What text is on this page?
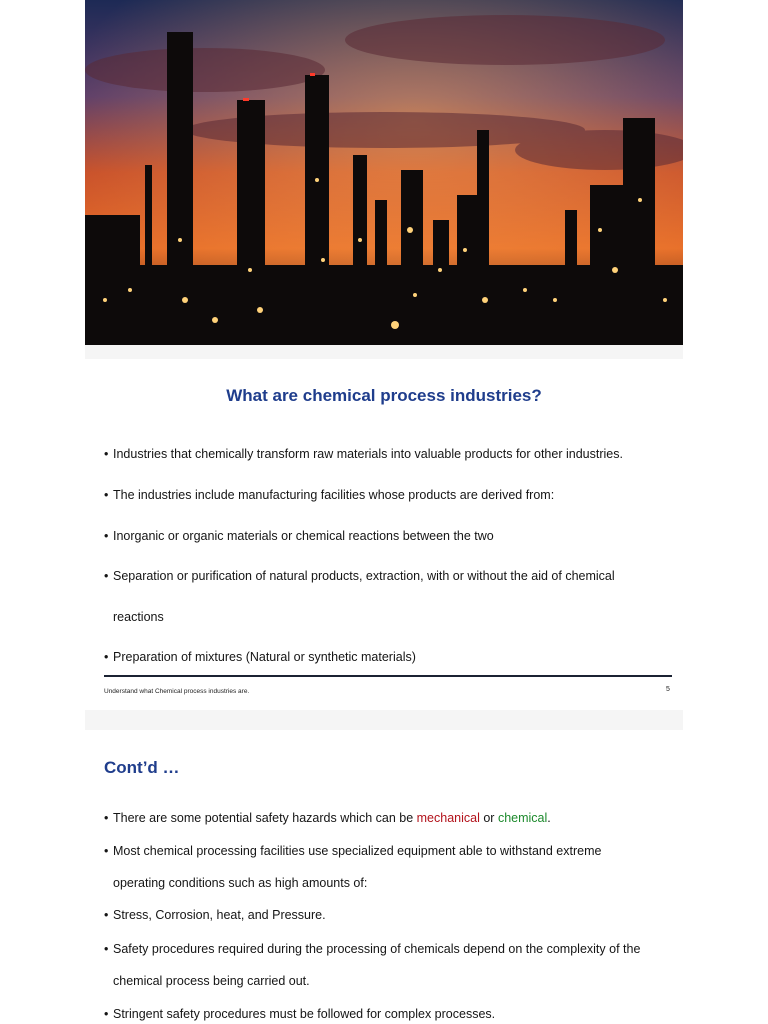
What are chemical process industries?
• Industries that chemically transform raw materials into valuable products for other industries.
• The industries include manufacturing facilities whose products are derived from:
• Inorganic or organic materials or chemical reactions between the two
• Separation or purification of natural products, extraction, with or without the aid of chemical
reactions
• Preparation of mixtures (Natural or synthetic materials)
Understand what Chemical process industries are.	5
Cont’d …
• There are some potential safety hazards which can be mechanical or chemical.
• Most chemical processing facilities use specialized equipment able to withstand extreme
operating conditions such as high amounts of:
• Stress, Corrosion, heat, and Pressure.
• Safety procedures required during the processing of chemicals depend on the complexity of the
chemical process being carried out.
• Stringent safety procedures must be followed for complex processes.
